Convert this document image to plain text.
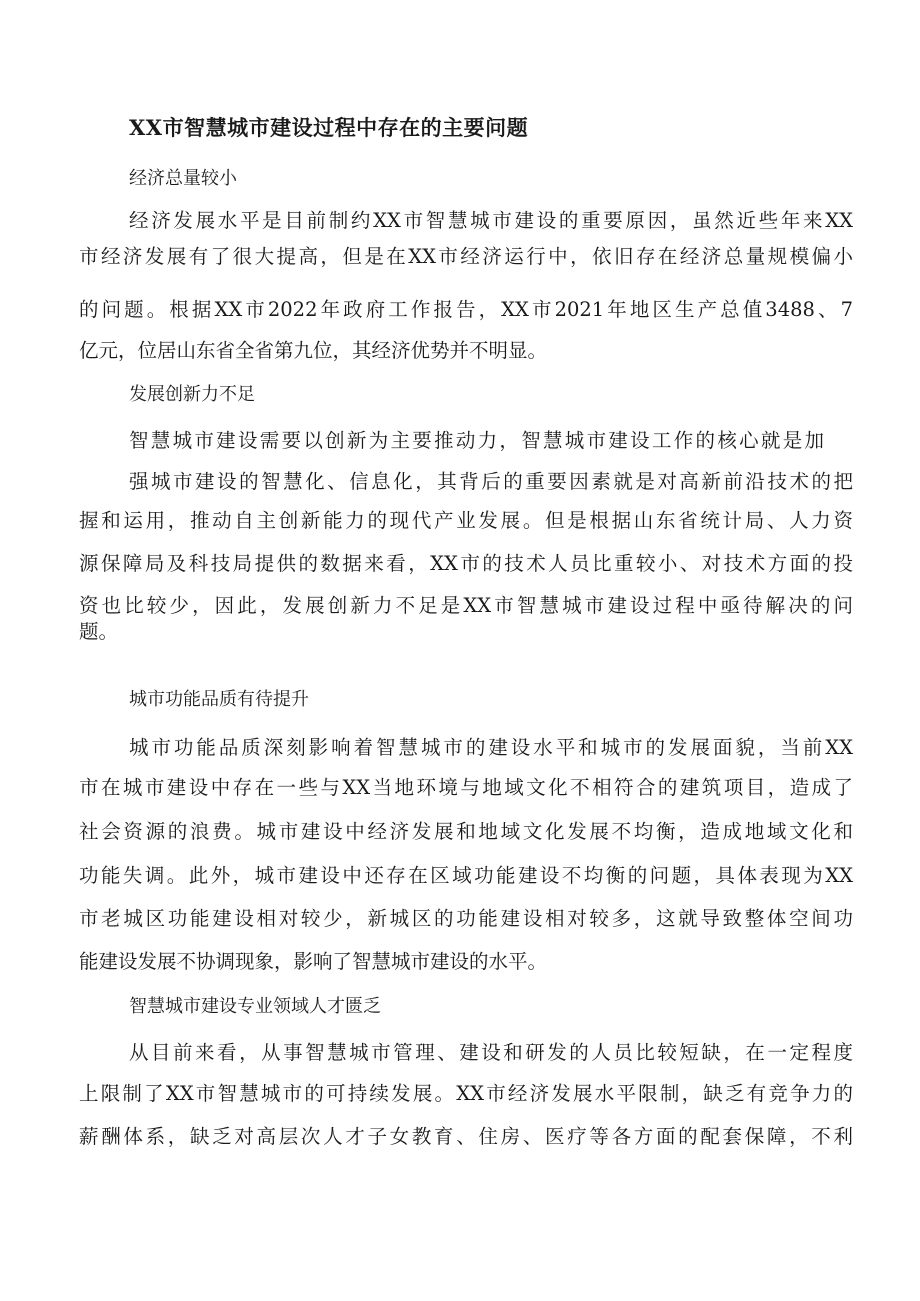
XX市智慧城市建设过程中存在的主要问题
经济总量较小
经济发展水平是目前制约XX市智慧城市建设的重要原因，虽然近些年来XX
市经济发展有了很大提高，但是在XX市经济运行中，依旧存在经济总量规模偏小
的问题。根据XX市2022年政府工作报告，XX市2021年地区生产总值3488、7
亿元，位居山东省全省第九位，其经济优势并不明显。
发展创新力不足
智慧城市建设需要以创新为主要推动力，智慧城市建设工作的核心就是加
强城市建设的智慧化、信息化，其背后的重要因素就是对高新前沿技术的把
握和运用，推动自主创新能力的现代产业发展。但是根据山东省统计局、人力资
源保障局及科技局提供的数据来看，XX市的技术人员比重较小、对技术方面的投
资也比较少，因此，发展创新力不足是XX市智慧城市建设过程中亟待解决的问
题。
城市功能品质有待提升
城市功能品质深刻影响着智慧城市的建设水平和城市的发展面貌，当前XX
市在城市建设中存在一些与XX当地环境与地域文化不相符合的建筑项目，造成了
社会资源的浪费。城市建设中经济发展和地域文化发展不均衡，造成地域文化和
功能失调。此外，城市建设中还存在区域功能建设不均衡的问题，具体表现为XX
市老城区功能建设相对较少，新城区的功能建设相对较多，这就导致整体空间功
能建设发展不协调现象，影响了智慧城市建设的水平。
智慧城市建设专业领域人才匮乏
从目前来看，从事智慧城市管理、建设和研发的人员比较短缺，在一定程度
上限制了XX市智慧城市的可持续发展。XX市经济发展水平限制，缺乏有竞争力的
薪酬体系，缺乏对高层次人才子女教育、住房、医疗等各方面的配套保障，不利
